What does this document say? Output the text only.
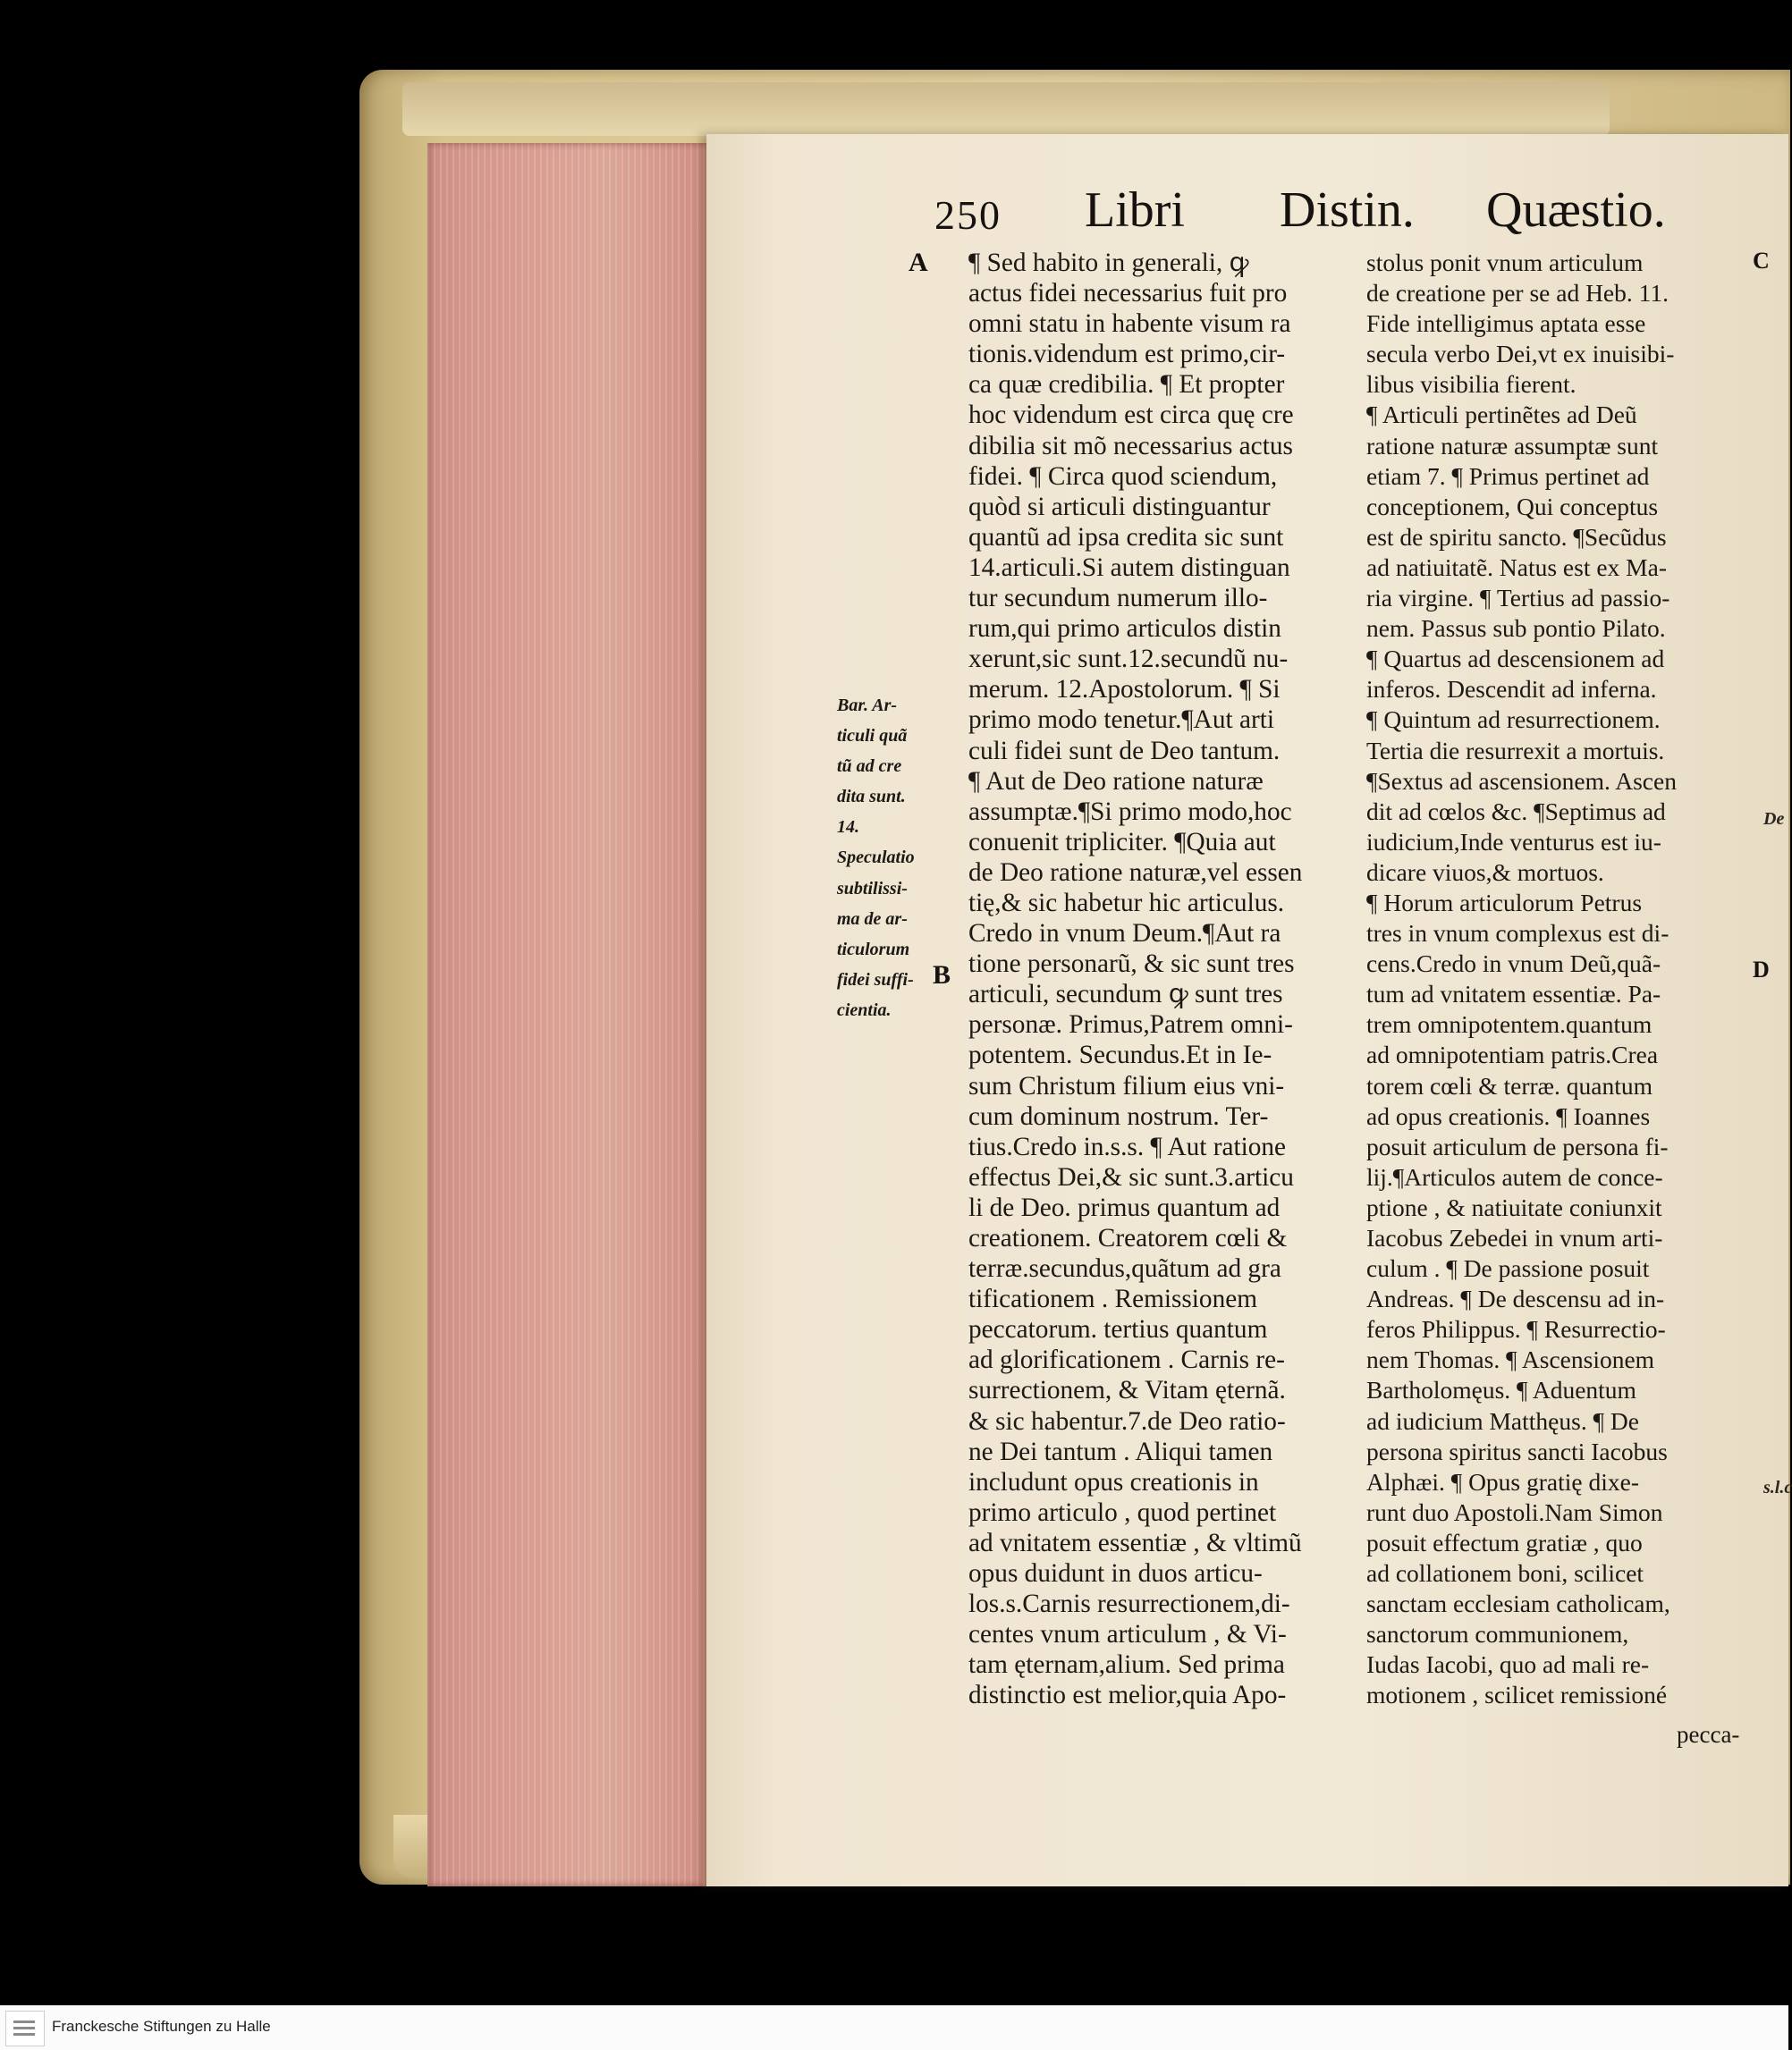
250 Libri Distin. Quæstio.
A
B
C
D
Bar. Ar-
ticuli quã
tũ ad cre
dita sunt.
14.
Speculatio
subtilissi-
ma de ar-
ticulorum
fidei suffi-
cientia.
¶ Sed habito in generali, ꝙ
actus fidei necessarius fuit pro
omni statu in habente visum ra
tionis.videndum est primo,cir-
ca quæ credibilia. ¶ Et propter
hoc videndum est circa quę cre
dibilia sit mõ necessarius actus
fidei. ¶ Circa quod sciendum,
quòd si articuli distinguantur
quantũ ad ipsa credita sic sunt
14.articuli.Si autem distinguan
tur secundum numerum illo-
rum,qui primo articulos distin
xerunt,sic sunt.12.secundũ nu-
merum. 12.Apostolorum. ¶ Si
primo modo tenetur.¶Aut arti
culi fidei sunt de Deo tantum.
¶ Aut de Deo ratione naturæ
assumptæ.¶Si primo modo,hoc
conuenit tripliciter. ¶Quia aut
de Deo ratione naturæ,vel essen
tię,& sic habetur hic articulus.
Credo in vnum Deum.¶Aut ra
tione personarũ, & sic sunt tres
articuli, secundum ꝙ sunt tres
personæ. Primus,Patrem omni-
potentem. Secundus.Et in Ie-
sum Christum filium eius vni-
cum dominum nostrum. Ter-
tius.Credo in.s.s. ¶ Aut ratione
effectus Dei,& sic sunt.3.articu
li de Deo. primus quantum ad
creationem. Creatorem cœli &
terræ.secundus,quãtum ad gra
tificationem . Remissionem
peccatorum. tertius quantum
ad glorificationem . Carnis re-
surrectionem, & Vitam ęternã.
& sic habentur.7.de Deo ratio-
ne Dei tantum . Aliqui tamen
includunt opus creationis in
primo articulo , quod pertinet
ad vnitatem essentiæ , & vltimũ
opus duidunt in duos articu-
los.s.Carnis resurrectionem,di-
centes vnum articulum , & Vi-
tam ęternam,alium. Sed prima
distinctio est melior,quia Apo-
stolus ponit vnum articulum
de creatione per se ad Heb. 11.
Fide intelligimus aptata esse
secula verbo Dei,vt ex inuisibi-
libus visibilia fierent.
¶ Articuli pertinẽtes ad Deũ
ratione naturæ assumptæ sunt
etiam 7. ¶ Primus pertinet ad
conceptionem, Qui conceptus
est de spiritu sancto. ¶Secũdus
ad natiuitatẽ. Natus est ex Ma-
ria virgine. ¶ Tertius ad passio-
nem. Passus sub pontio Pilato.
¶ Quartus ad descensionem ad
inferos. Descendit ad inferna.
¶ Quintum ad resurrectionem.
Tertia die resurrexit a mortuis.
¶Sextus ad ascensionem. Ascen
dit ad cœlos &c. ¶Septimus ad
iudicium,Inde venturus est iu-
dicare viuos,& mortuos.
¶ Horum articulorum Petrus
tres in vnum complexus est di-
cens.Credo in vnum Deũ,quã-
tum ad vnitatem essentiæ. Pa-
trem omnipotentem.quantum
ad omnipotentiam patris.Crea
torem cœli & terræ. quantum
ad opus creationis. ¶ Ioannes
posuit articulum de persona fi-
lij.¶Articulos autem de conce-
ptione , & natiuitate coniunxit
Iacobus Zebedei in vnum arti-
culum . ¶ De passione posuit
Andreas. ¶ De descensu ad in-
feros Philippus. ¶ Resurrectio-
nem Thomas. ¶ Ascensionem
Bartholomęus. ¶ Aduentum
ad iudicium Matthęus. ¶ De
persona spiritus sancti Iacobus
Alphæi. ¶ Opus gratię dixe-
runt duo Apostoli.Nam Simon
posuit effectum gratiæ , quo
ad collationem boni, scilicet
sanctam ecclesiam catholicam,
sanctorum communionem,
Iudas Iacobi, quo ad mali re-
motionem , scilicet remissioné
pecca-
De
s.l.c
Franckesche Stiftungen zu Halle
